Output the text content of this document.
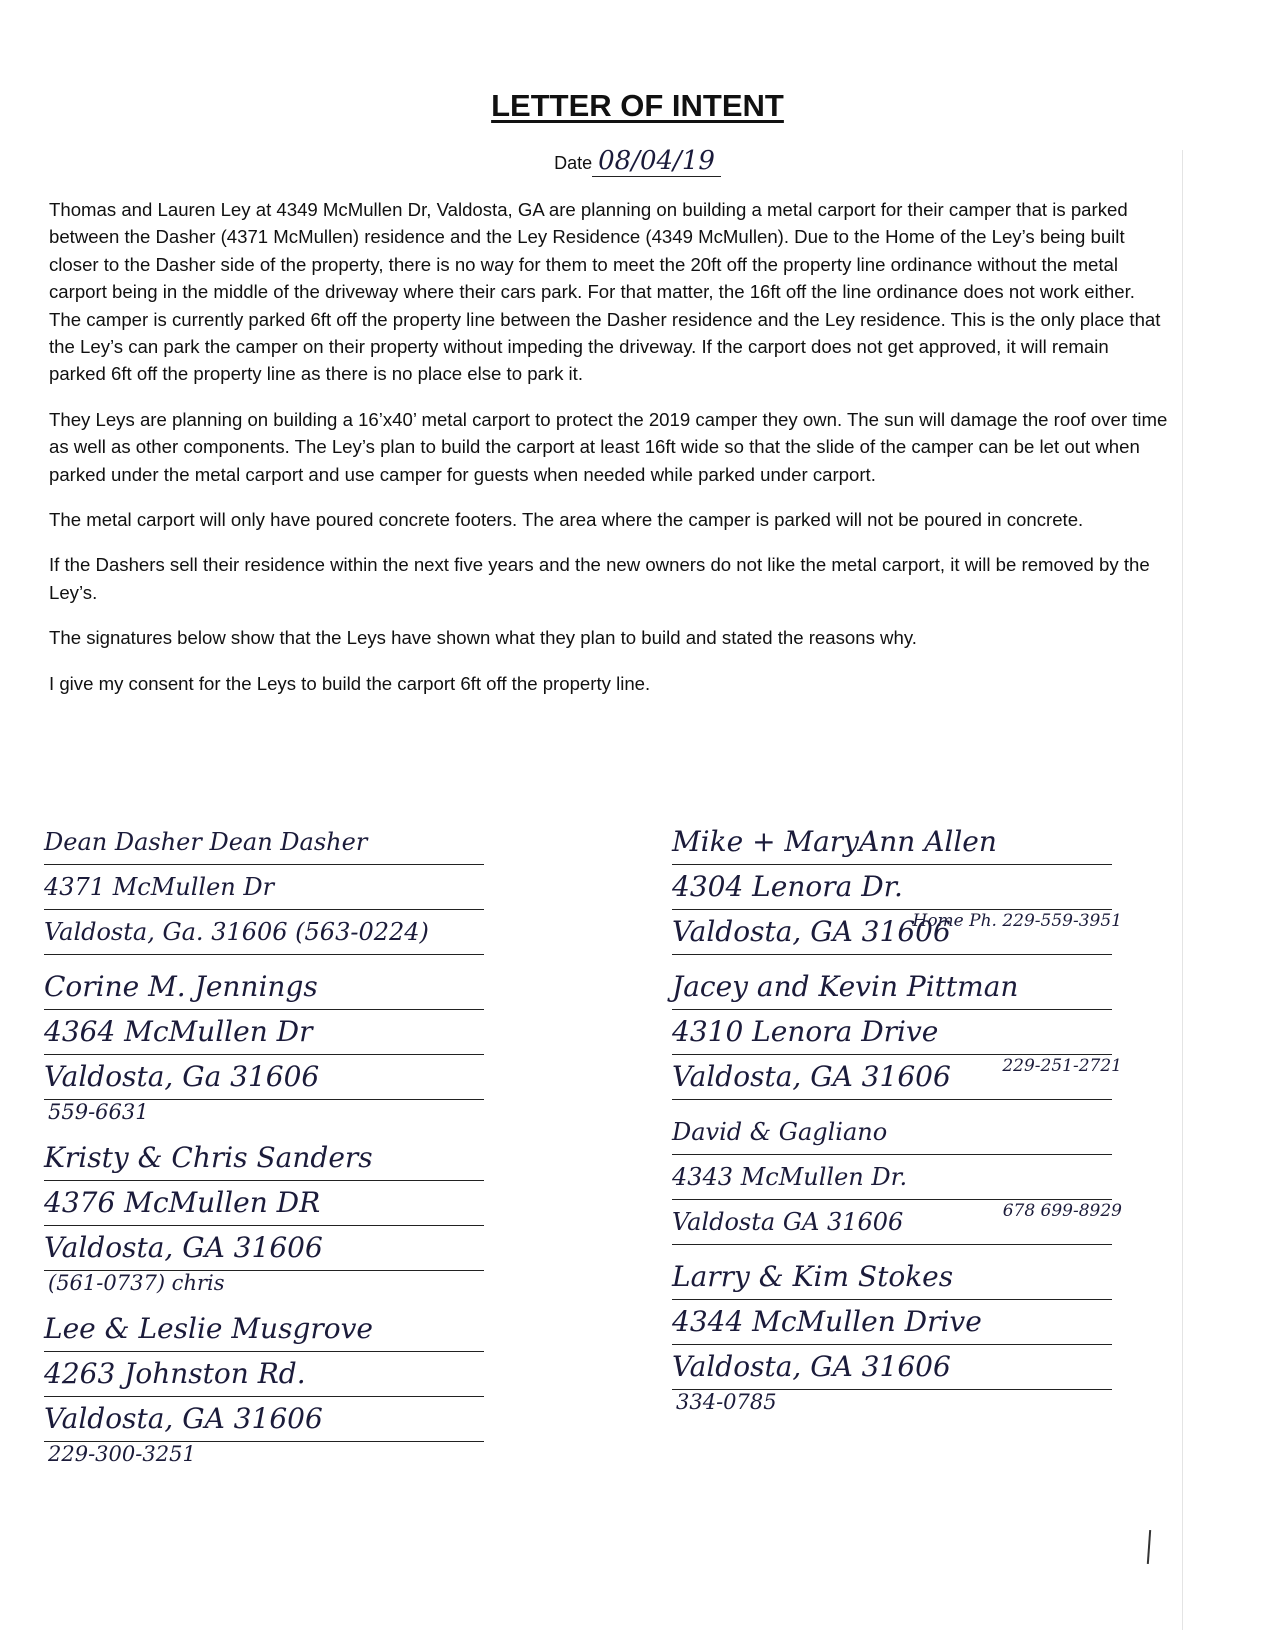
LETTER OF INTENT
Date 08/04/19

Thomas and Lauren Ley at 4349 McMullen Dr, Valdosta, GA are planning on building a metal carport for their camper that is parked between the Dasher (4371 McMullen) residence and the Ley Residence (4349 McMullen). Due to the Home of the Ley’s being built closer to the Dasher side of the property, there is no way for them to meet the 20ft off the property line ordinance without the metal carport being in the middle of the driveway where their cars park. For that matter, the 16ft off the line ordinance does not work either. The camper is currently parked 6ft off the property line between the Dasher residence and the Ley residence. This is the only place that the Ley’s can park the camper on their property without impeding the driveway. If the carport does not get approved, it will remain parked 6ft off the property line as there is no place else to park it.

They Leys are planning on building a 16’x40’ metal carport to protect the 2019 camper they own. The sun will damage the roof over time as well as other components. The Ley’s plan to build the carport at least 16ft wide so that the slide of the camper can be let out when parked under the metal carport and use camper for guests when needed while parked under carport.

The metal carport will only have poured concrete footers. The area where the camper is parked will not be poured in concrete.

If the Dashers sell their residence within the next five years and the new owners do not like the metal carport, it will be removed by the Ley’s.

The signatures below show that the Leys have shown what they plan to build and stated the reasons why.

I give my consent for the Leys to build the carport 6ft off the property line.

Dean Dasher Dean Dasher
4371 McMullen Dr
Valdosta, Ga. 31606 (563-0224)
Corine M. Jennings
4364 McMullen Dr
Valdosta, Ga 31606
559-6631
Kristy & Chris Sanders
4376 McMullen DR
Valdosta, GA 31606
(561-0737) chris
Lee & Leslie Musgrove
4263 Johnston Rd.
Valdosta, GA 31606
229-300-3251
Mike + MaryAnn Allen
4304 Lenora Dr.
Valdosta, GA 31606
Home Ph. 229-559-3951
Jacey and Kevin Pittman
4310 Lenora Drive
Valdosta, GA 31606	229-251-2721
David & Gagliano
4343 McMullen Dr.
Valdosta GA 31606	678 699-8929
Larry & Kim Stokes
4344 McMullen Drive
Valdosta, GA 31606
334-0785
